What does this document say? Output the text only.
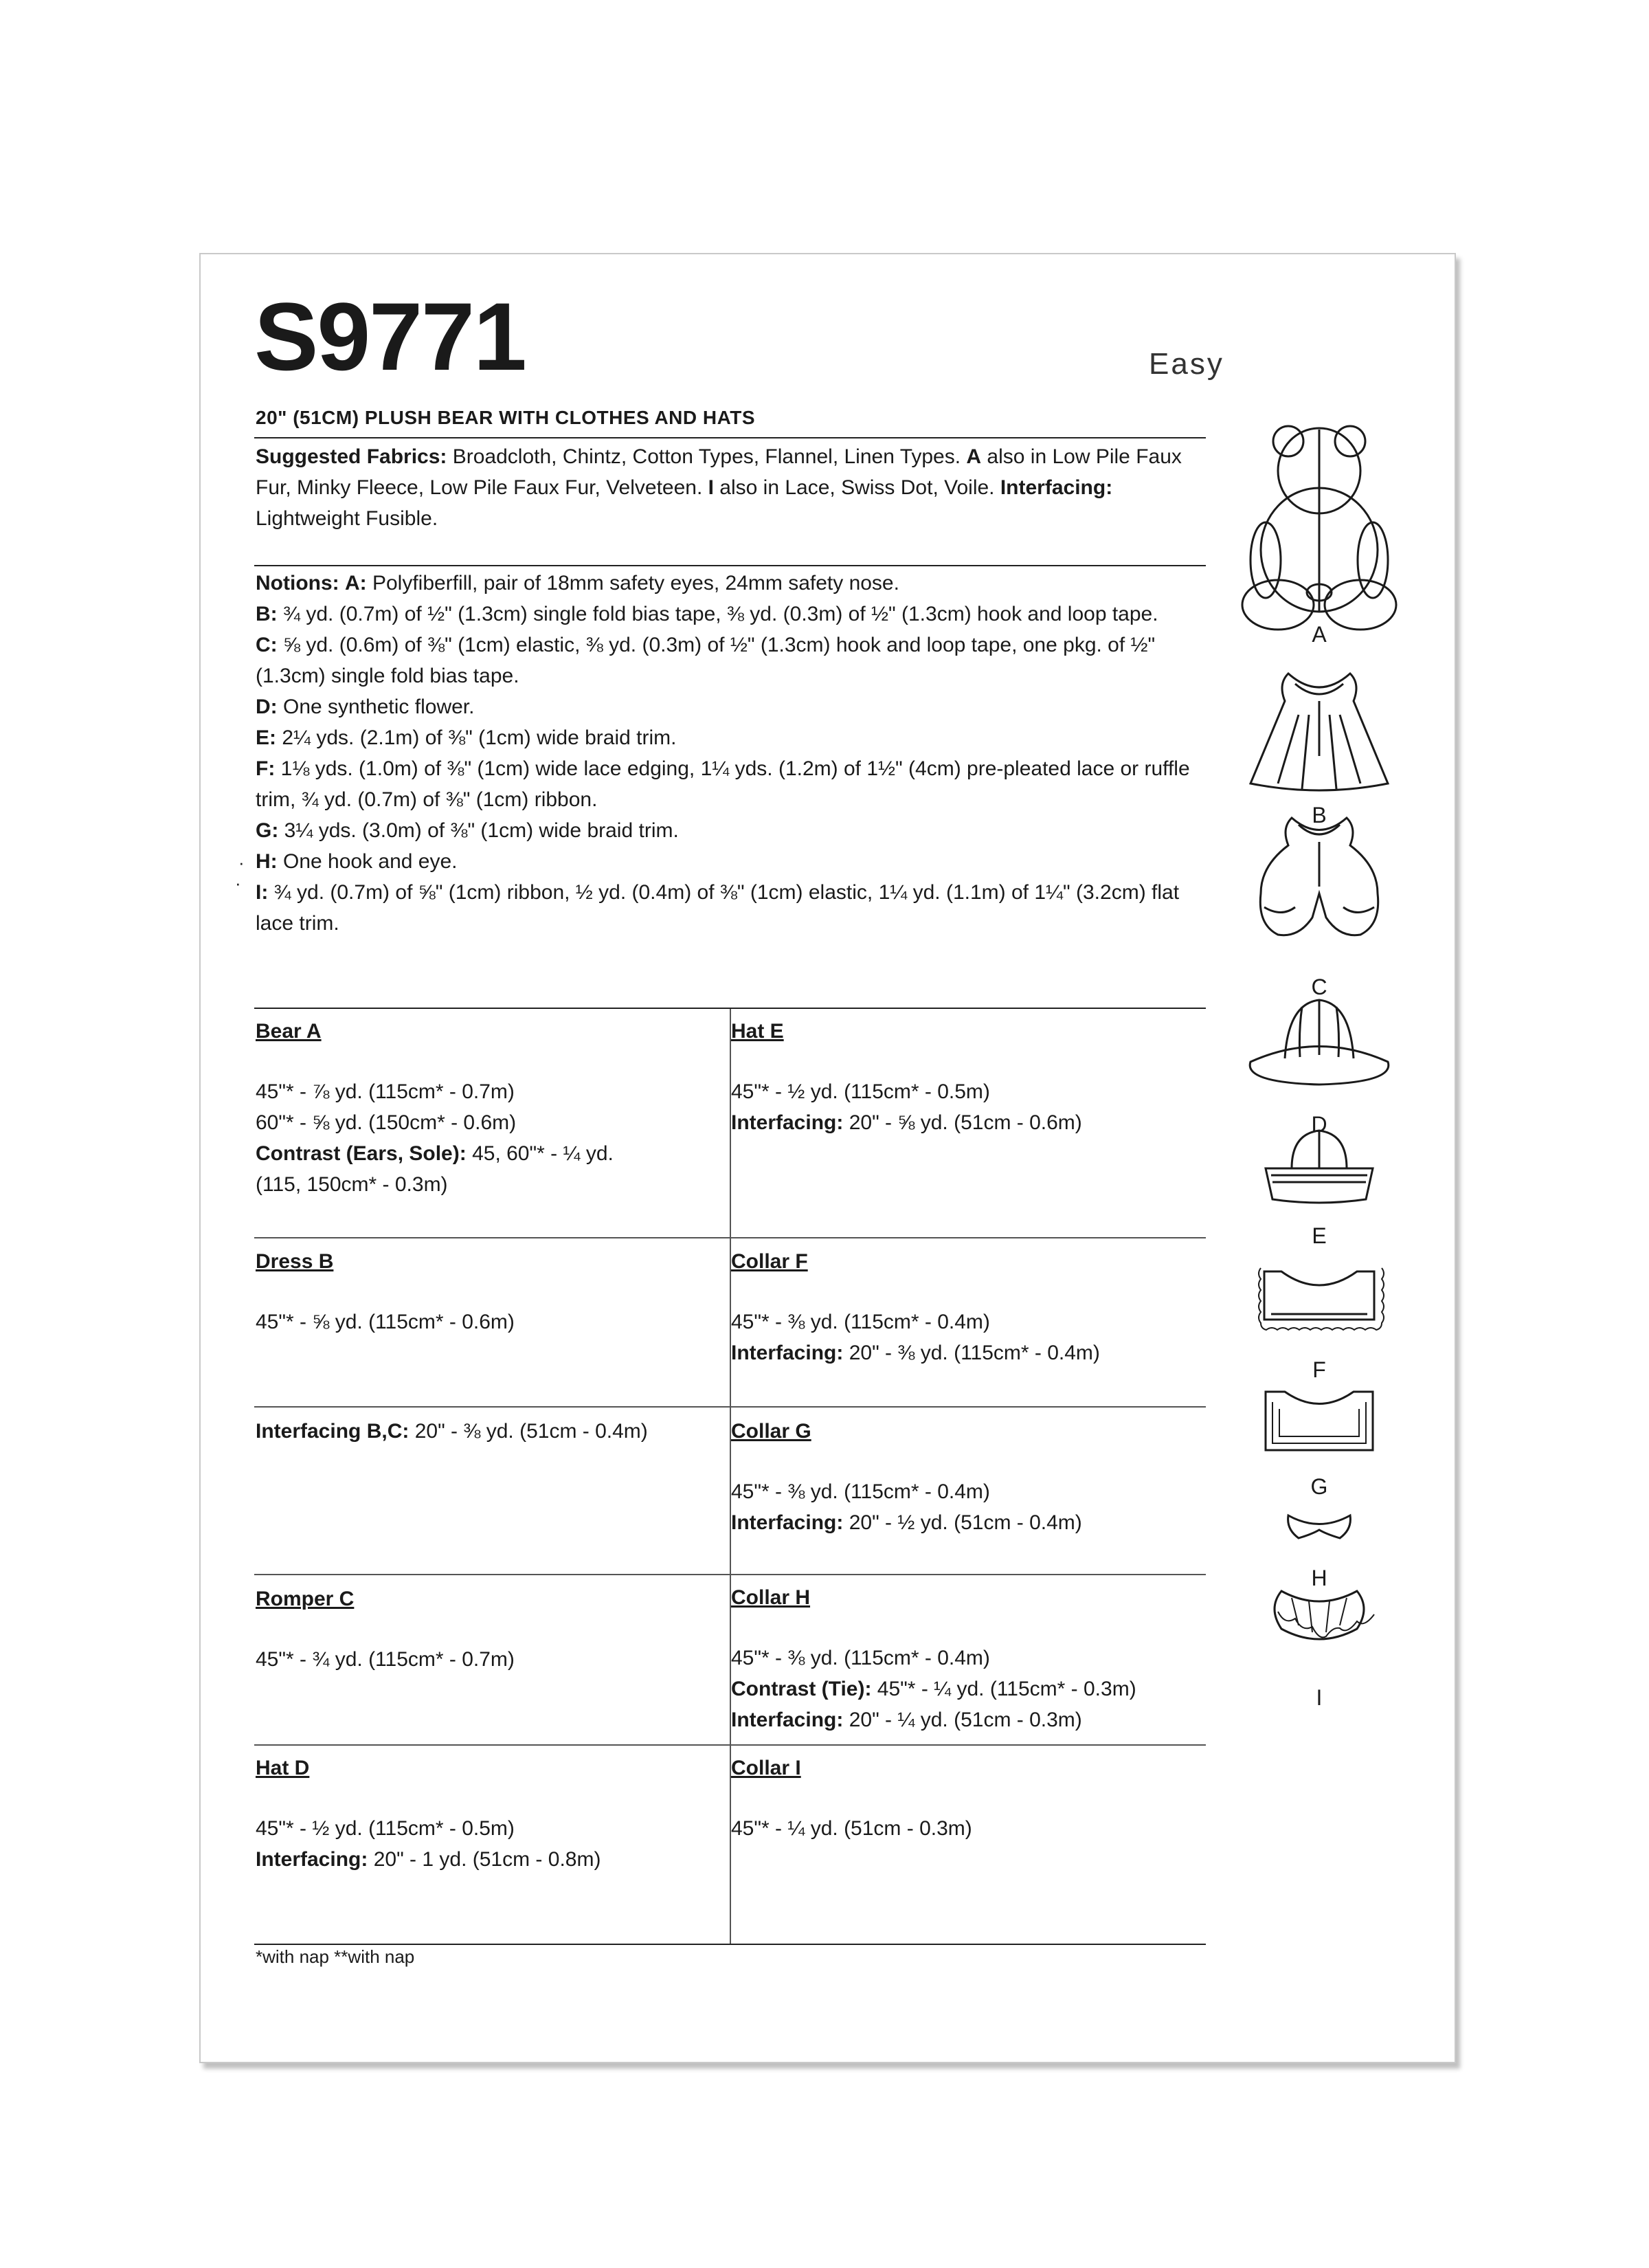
S9771	Easy
20" (51CM) PLUSH BEAR WITH CLOTHES AND HATS
Suggested Fabrics: Broadcloth, Chintz, Cotton Types, Flannel, Linen Types. A also in Low Pile Faux Fur, Minky Fleece, Low Pile Faux Fur, Velveteen. I also in Lace, Swiss Dot, Voile. Interfacing: Lightweight Fusible.
Notions: A: Polyfiberfill, pair of 18mm safety eyes, 24mm safety nose.
B: ¾ yd. (0.7m) of ½" (1.3cm) single fold bias tape, ⅜ yd. (0.3m) of ½" (1.3cm) hook and loop tape.
C: ⅝ yd. (0.6m) of ⅜" (1cm) elastic, ⅜ yd. (0.3m) of ½" (1.3cm) hook and loop tape, one pkg. of ½" (1.3cm) single fold bias tape.
D: One synthetic flower.
E: 2¼ yds. (2.1m) of ⅜" (1cm) wide braid trim.
F: 1⅛ yds. (1.0m) of ⅜" (1cm) wide lace edging, 1¼ yds. (1.2m) of 1½" (4cm) pre-pleated lace or ruffle trim, ¾ yd. (0.7m) of ⅜" (1cm) ribbon.
G: 3¼ yds. (3.0m) of ⅜" (1cm) wide braid trim.
H: One hook and eye.
I: ¾ yd. (0.7m) of ⅝" (1cm) ribbon, ½ yd. (0.4m) of ⅜" (1cm) elastic, 1¼ yd. (1.1m) of 1¼" (3.2cm) flat lace trim.
Bear A
45"* - ⅞ yd. (115cm* - 0.7m)
60"* - ⅝ yd. (150cm* - 0.6m)
Contrast (Ears, Sole): 45, 60"* - ¼ yd.
(115, 150cm* - 0.3m)
Dress B
45"* - ⅝ yd. (115cm* - 0.6m)
Interfacing B,C: 20" - ⅜ yd. (51cm - 0.4m)
Romper C
45"* - ¾ yd. (115cm* - 0.7m)
Hat D
45"* - ½ yd. (115cm* - 0.5m)
Interfacing: 20" - 1 yd. (51cm - 0.8m)
Hat E
45"* - ½ yd. (115cm* - 0.5m)
Interfacing: 20" - ⅝ yd. (51cm - 0.6m)
Collar F
45"* - ⅜ yd. (115cm* - 0.4m)
Interfacing: 20" - ⅜ yd. (115cm* - 0.4m)
Collar G
45"* - ⅜ yd. (115cm* - 0.4m)
Interfacing: 20" - ½ yd. (51cm - 0.4m)
Collar H
45"* - ⅜ yd. (115cm* - 0.4m)
Contrast (Tie): 45"* - ¼ yd. (115cm* - 0.3m)
Interfacing: 20" - ¼ yd. (51cm - 0.3m)
Collar I
45"* - ¼ yd. (51cm - 0.3m)
*with nap **with nap
·
·
A
B
C
D
E
F
G
H
I
